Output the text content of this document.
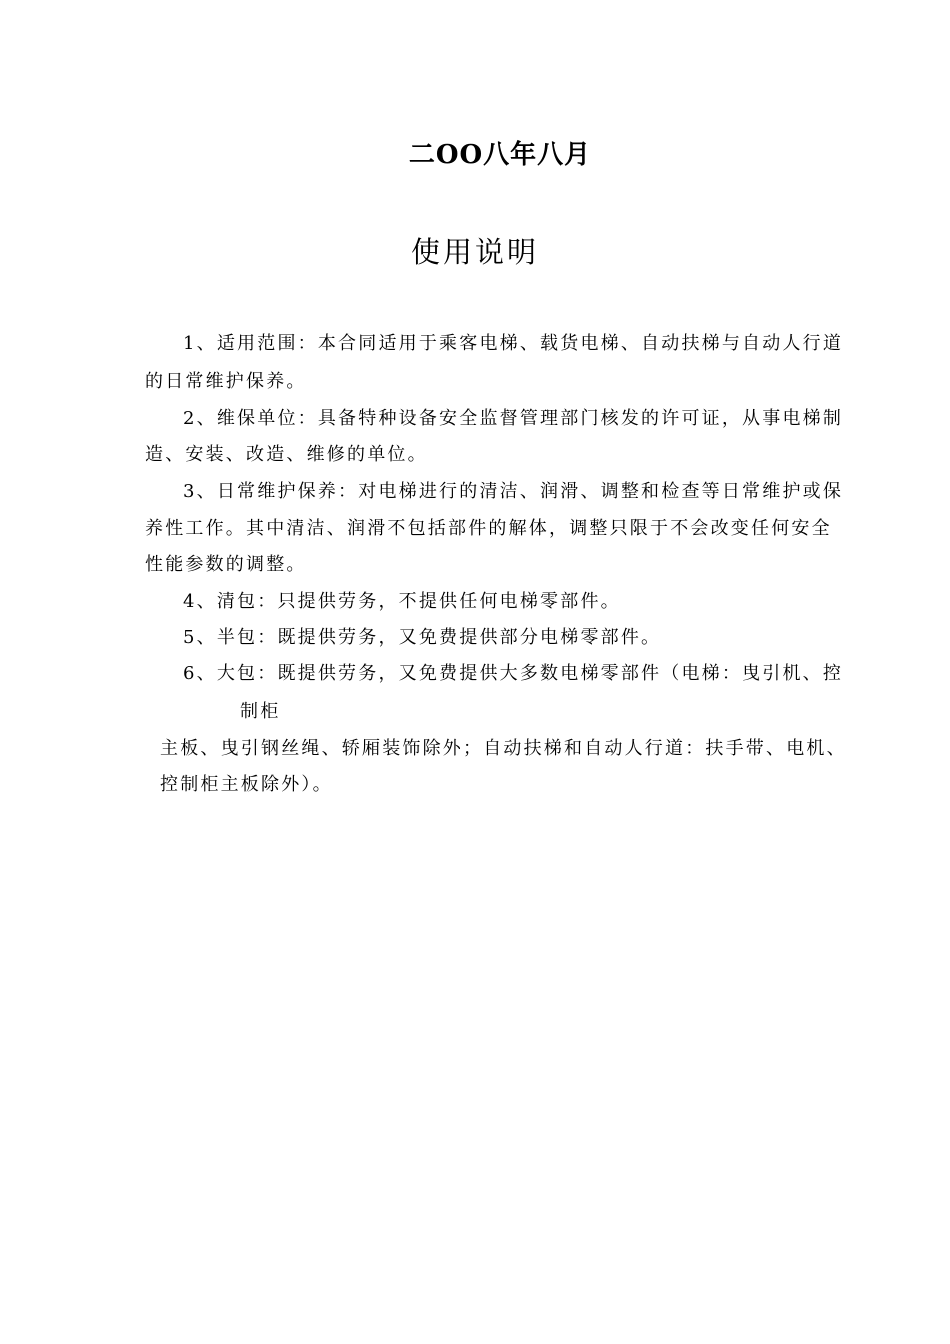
二OO八年八月
使用说明
1、适用范围：本合同适用于乘客电梯、载货电梯、自动扶梯与自动人行道
的日常维护保养。
2、维保单位：具备特种设备安全监督管理部门核发的许可证，从事电梯制
造、安装、改造、维修的单位。
3、日常维护保养：对电梯进行的清洁、润滑、调整和检查等日常维护或保
养性工作。其中清洁、润滑不包括部件的解体，调整只限于不会改变任何安全
性能参数的调整。
4、清包：只提供劳务，不提供任何电梯零部件。
5、半包：既提供劳务，又免费提供部分电梯零部件。
6、大包：既提供劳务，又免费提供大多数电梯零部件（电梯：曳引机、控
制柜
主板、曳引钢丝绳、轿厢装饰除外；自动扶梯和自动人行道：扶手带、电机、
控制柜主板除外）。
